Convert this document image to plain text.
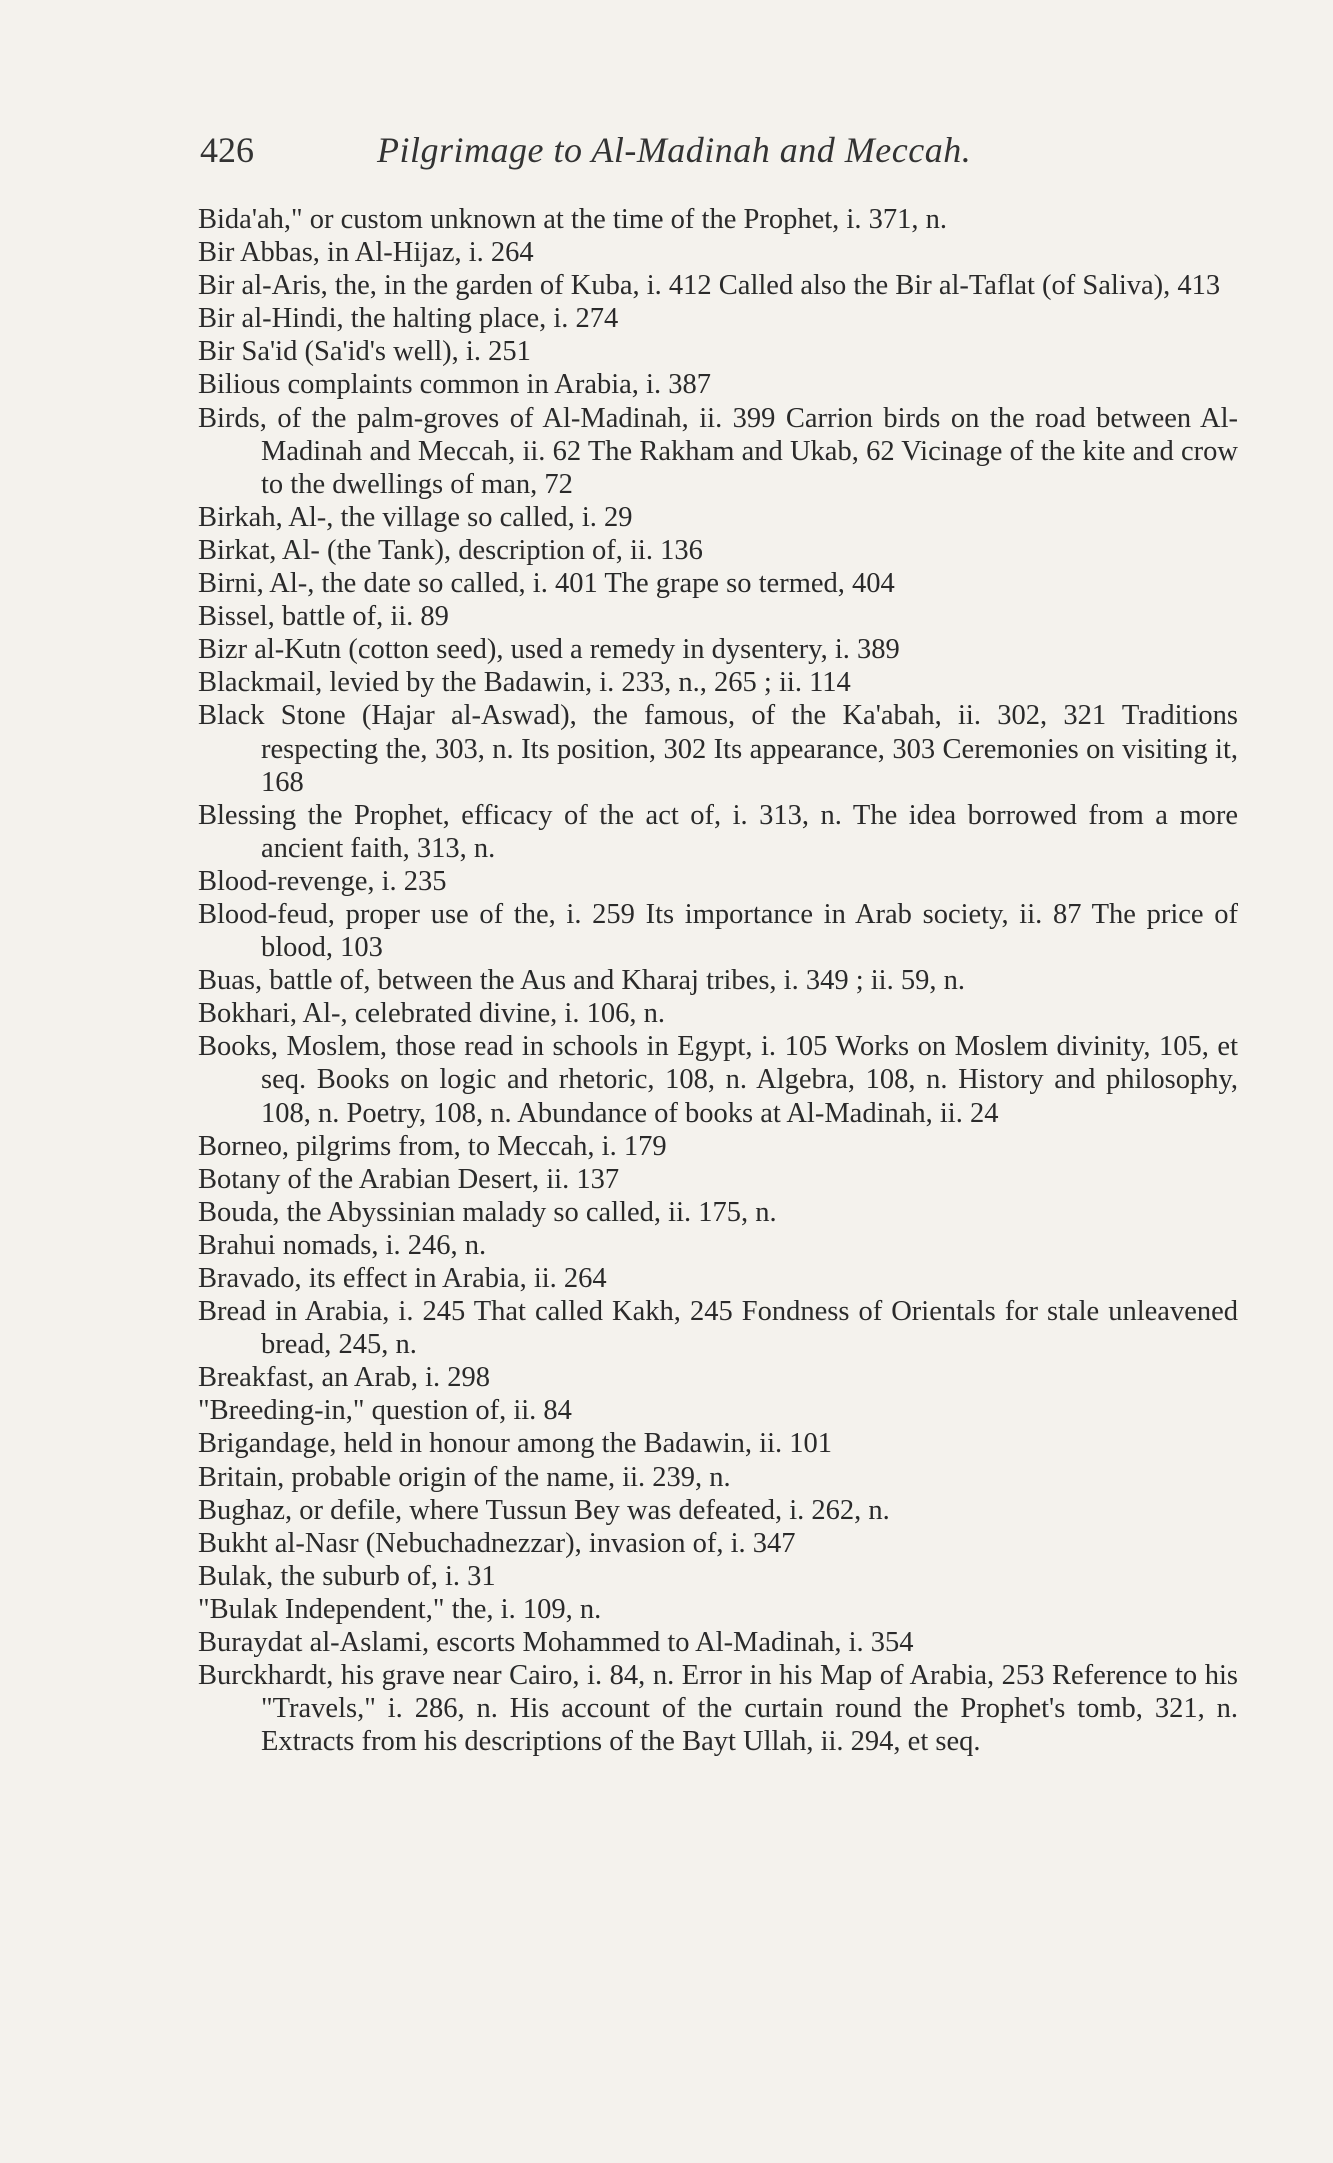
426	Pilgrimage to Al-Madinah and Meccah.
Bida'ah," or custom unknown at the time of the Prophet, i. 371, n.
Bir Abbas, in Al-Hijaz, i. 264
Bir al-Aris, the, in the garden of Kuba, i. 412 Called also the Bir al-Taflat (of Saliva), 413
Bir al-Hindi, the halting place, i. 274
Bir Sa'id (Sa'id's well), i. 251
Bilious complaints common in Arabia, i. 387
Birds, of the palm-groves of Al-Madinah, ii. 399 Carrion birds on the road between Al-Madinah and Meccah, ii. 62 The Rakham and Ukab, 62 Vicinage of the kite and crow to the dwellings of man, 72
Birkah, Al-, the village so called, i. 29
Birkat, Al- (the Tank), description of, ii. 136
Birni, Al-, the date so called, i. 401 The grape so termed, 404
Bissel, battle of, ii. 89
Bizr al-Kutn (cotton seed), used a remedy in dysentery, i. 389
Blackmail, levied by the Badawin, i. 233, n., 265 ; ii. 114
Black Stone (Hajar al-Aswad), the famous, of the Ka'abah, ii. 302, 321 Traditions respecting the, 303, n. Its position, 302 Its appearance, 303 Ceremonies on visiting it, 168
Blessing the Prophet, efficacy of the act of, i. 313, n. The idea borrowed from a more ancient faith, 313, n.
Blood-revenge, i. 235
Blood-feud, proper use of the, i. 259 Its importance in Arab society, ii. 87 The price of blood, 103
Buas, battle of, between the Aus and Kharaj tribes, i. 349 ; ii. 59, n.
Bokhari, Al-, celebrated divine, i. 106, n.
Books, Moslem, those read in schools in Egypt, i. 105 Works on Moslem divinity, 105, et seq. Books on logic and rhetoric, 108, n. Algebra, 108, n. History and philosophy, 108, n. Poetry, 108, n. Abundance of books at Al-Madinah, ii. 24
Borneo, pilgrims from, to Meccah, i. 179
Botany of the Arabian Desert, ii. 137
Bouda, the Abyssinian malady so called, ii. 175, n.
Brahui nomads, i. 246, n.
Bravado, its effect in Arabia, ii. 264
Bread in Arabia, i. 245 That called Kakh, 245 Fondness of Orientals for stale unleavened bread, 245, n.
Breakfast, an Arab, i. 298
"Breeding-in," question of, ii. 84
Brigandage, held in honour among the Badawin, ii. 101
Britain, probable origin of the name, ii. 239, n.
Bughaz, or defile, where Tussun Bey was defeated, i. 262, n.
Bukht al-Nasr (Nebuchadnezzar), invasion of, i. 347
Bulak, the suburb of, i. 31
"Bulak Independent," the, i. 109, n.
Buraydat al-Aslami, escorts Mohammed to Al-Madinah, i. 354
Burckhardt, his grave near Cairo, i. 84, n. Error in his Map of Arabia, 253 Reference to his "Travels," i. 286, n. His account of the curtain round the Prophet's tomb, 321, n. Extracts from his descriptions of the Bayt Ullah, ii. 294, et seq.
